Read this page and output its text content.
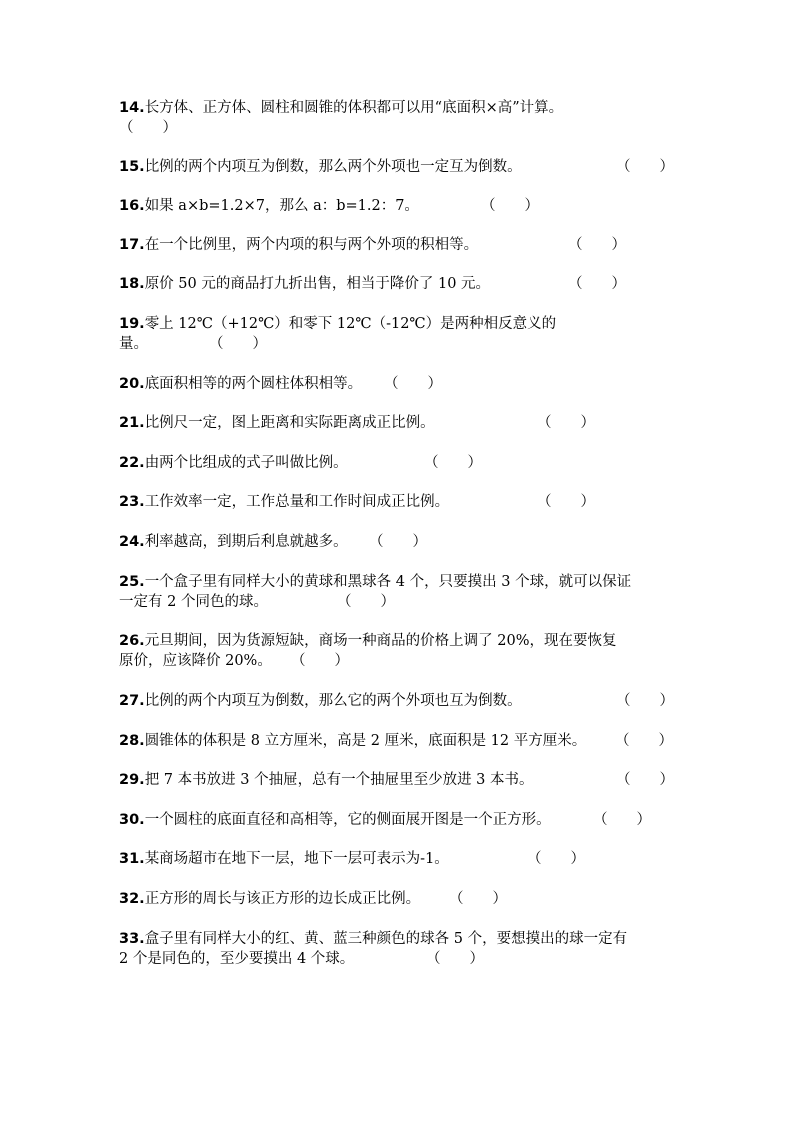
14.长方体、正方体、圆柱和圆锥的体积都可以用“底面积×高”计算。
（　　）
15.比例的两个内项互为倒数，那么两个外项也一定互为倒数。	（　　）
16.如果 a×b=1.2×7，那么 a：b=1.2：7。	（　　）
17.在一个比例里，两个内项的积与两个外项的积相等。	（　　）
18.原价 50 元的商品打九折出售，相当于降价了 10 元。	（　　）
19.零上 12℃（+12℃）和零下 12℃（-12℃）是两种相反意义的
量。	（　　）
20.底面积相等的两个圆柱体积相等。 （　　）
21.比例尺一定，图上距离和实际距离成正比例。	（　　）
22.由两个比组成的式子叫做比例。	（　　）
23.工作效率一定，工作总量和工作时间成正比例。	（　　）
24.利率越高，到期后利息就越多。 （　　）
25.一个盒子里有同样大小的黄球和黑球各 4 个，只要摸出 3 个球，就可以保证
一定有 2 个同色的球。	（　　）
26.元旦期间，因为货源短缺，商场一种商品的价格上调了 20%，现在要恢复
原价，应该降价 20%。	（　　）
27.比例的两个内项互为倒数，那么它的两个外项也互为倒数。	（　　）
28.圆锥体的体积是 8 立方厘米，高是 2 厘米，底面积是 12 平方厘米。 （　　）
29.把 7 本书放进 3 个抽屉，总有一个抽屉里至少放进 3 本书。	（　　）
30.一个圆柱的底面直径和高相等，它的侧面展开图是一个正方形。	（　　）
31.某商场超市在地下一层，地下一层可表示为-1。	（　　）
32.正方形的周长与该正方形的边长成正比例。 （　　）
33.盒子里有同样大小的红、黄、蓝三种颜色的球各 5 个，要想摸出的球一定有
2 个是同色的，至少要摸出 4 个球。	（　　）
